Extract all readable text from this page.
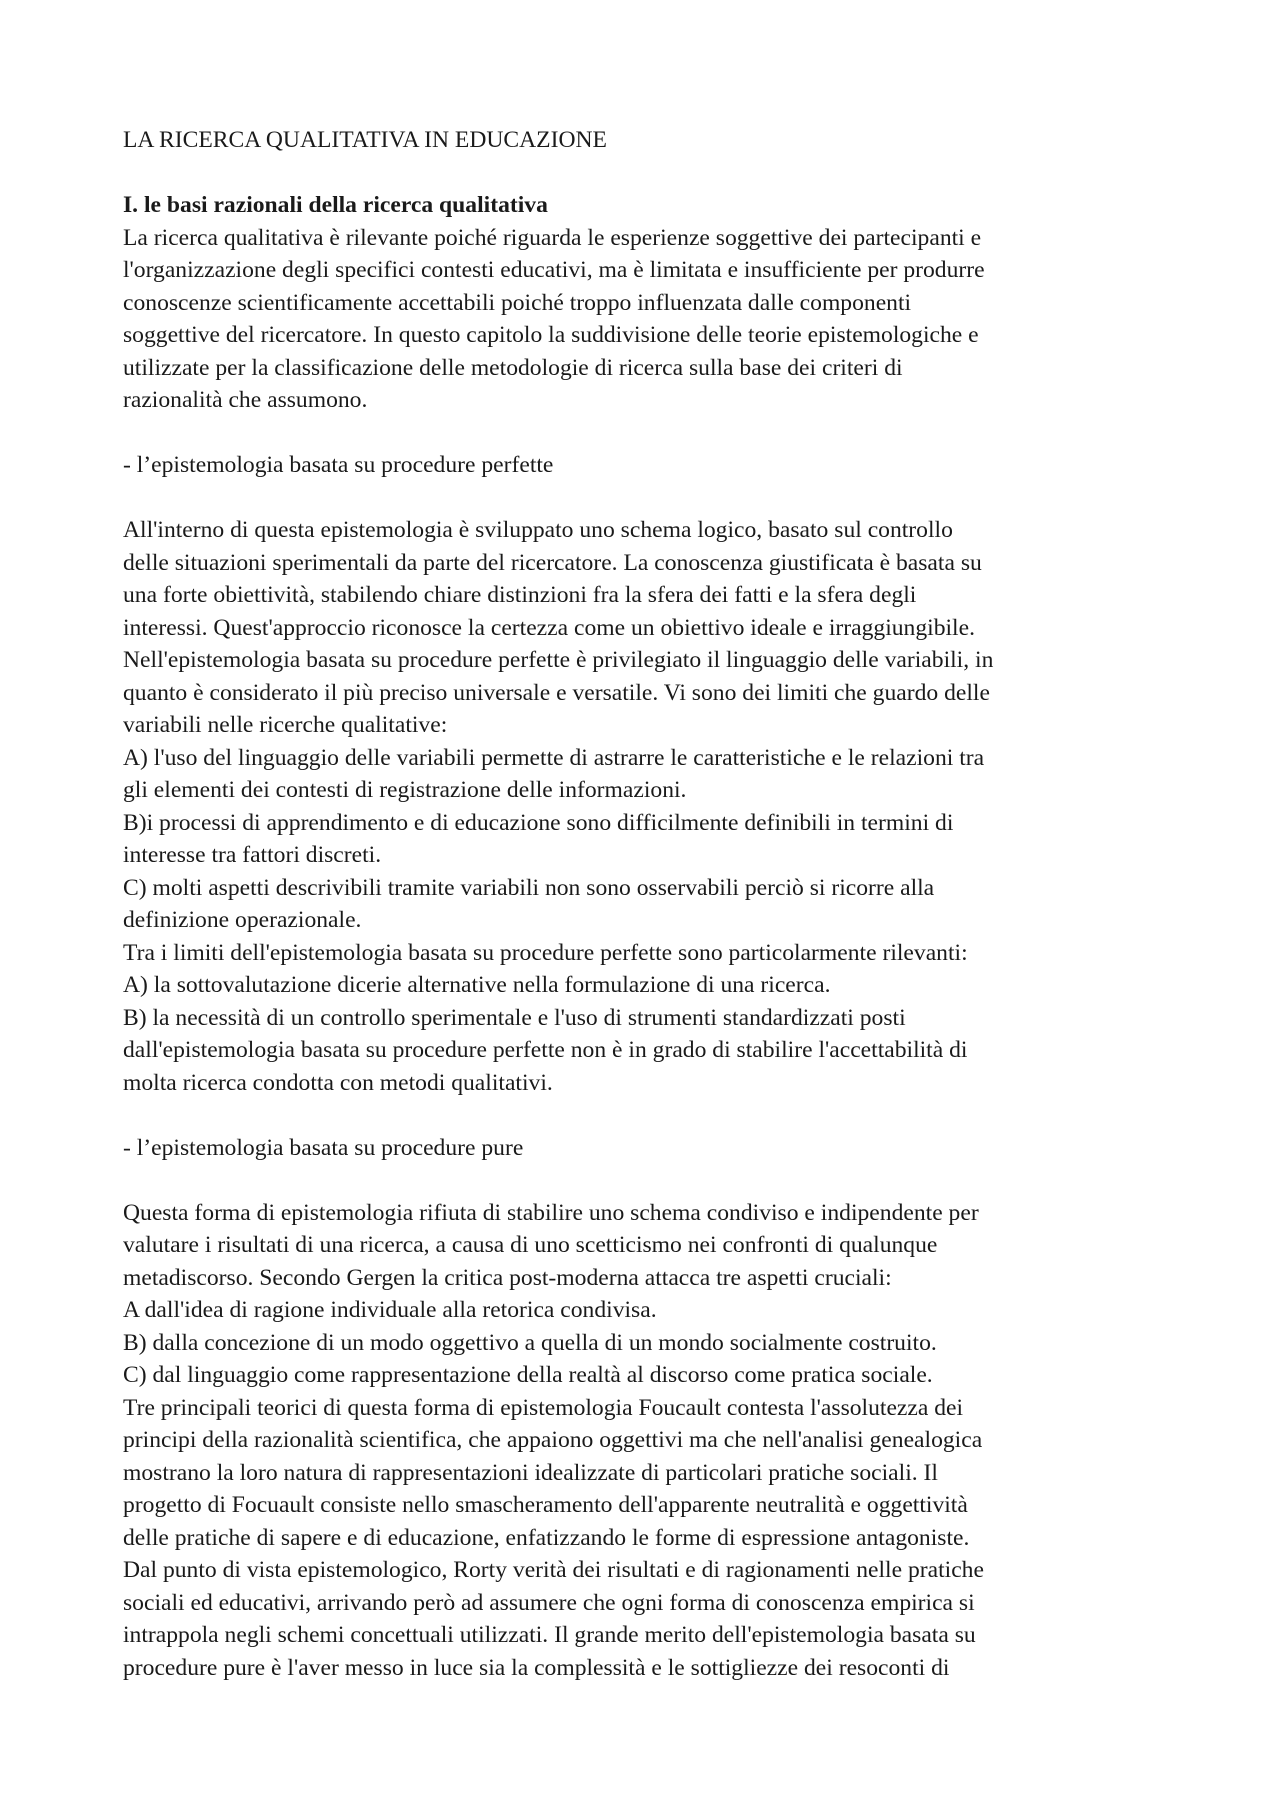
LA RICERCA QUALITATIVA IN EDUCAZIONE
I. le basi razionali della ricerca qualitativa
La ricerca qualitativa è rilevante poiché riguarda le esperienze soggettive dei partecipanti e
l'organizzazione degli specifici contesti educativi, ma è limitata e insufficiente per produrre
conoscenze scientificamente accettabili poiché troppo influenzata dalle componenti
soggettive del ricercatore. In questo capitolo la suddivisione delle teorie epistemologiche e
utilizzate per la classificazione delle metodologie di ricerca sulla base dei criteri di
razionalità che assumono.
- l’epistemologia basata su procedure perfette
All'interno di questa epistemologia è sviluppato uno schema logico, basato sul controllo
delle situazioni sperimentali da parte del ricercatore. La conoscenza giustificata è basata su
una forte obiettività, stabilendo chiare distinzioni fra la sfera dei fatti e la sfera degli
interessi. Quest'approccio riconosce la certezza come un obiettivo ideale e irraggiungibile.
Nell'epistemologia basata su procedure perfette è privilegiato il linguaggio delle variabili, in
quanto è considerato il più preciso universale e versatile. Vi sono dei limiti che guardo delle
variabili nelle ricerche qualitative:
A) l'uso del linguaggio delle variabili permette di astrarre le caratteristiche e le relazioni tra
gli elementi dei contesti di registrazione delle informazioni.
B)i processi di apprendimento e di educazione sono difficilmente definibili in termini di
interesse tra fattori discreti.
C) molti aspetti descrivibili tramite variabili non sono osservabili perciò si ricorre alla
definizione operazionale.
Tra i limiti dell'epistemologia basata su procedure perfette sono particolarmente rilevanti:
A) la sottovalutazione dicerie alternative nella formulazione di una ricerca.
B) la necessità di un controllo sperimentale e l'uso di strumenti standardizzati posti
dall'epistemologia basata su procedure perfette non è in grado di stabilire l'accettabilità di
molta ricerca condotta con metodi qualitativi.
- l’epistemologia basata su procedure pure
Questa forma di epistemologia rifiuta di stabilire uno schema condiviso e indipendente per
valutare i risultati di una ricerca, a causa di uno scetticismo nei confronti di qualunque
metadiscorso. Secondo Gergen la critica post-moderna attacca tre aspetti cruciali:
A dall'idea di ragione individuale alla retorica condivisa.
B) dalla concezione di un modo oggettivo a quella di un mondo socialmente costruito.
C) dal linguaggio come rappresentazione della realtà al discorso come pratica sociale.
Tre principali teorici di questa forma di epistemologia Foucault contesta l'assolutezza dei
principi della razionalità scientifica, che appaiono oggettivi ma che nell'analisi genealogica
mostrano la loro natura di rappresentazioni idealizzate di particolari pratiche sociali. Il
progetto di Focuault consiste nello smascheramento dell'apparente neutralità e oggettività
delle pratiche di sapere e di educazione, enfatizzando le forme di espressione antagoniste.
Dal punto di vista epistemologico, Rorty verità dei risultati e di ragionamenti nelle pratiche
sociali ed educativi, arrivando però ad assumere che ogni forma di conoscenza empirica si
intrappola negli schemi concettuali utilizzati. Il grande merito dell'epistemologia basata su
procedure pure è l'aver messo in luce sia la complessità e le sottigliezze dei resoconti di
